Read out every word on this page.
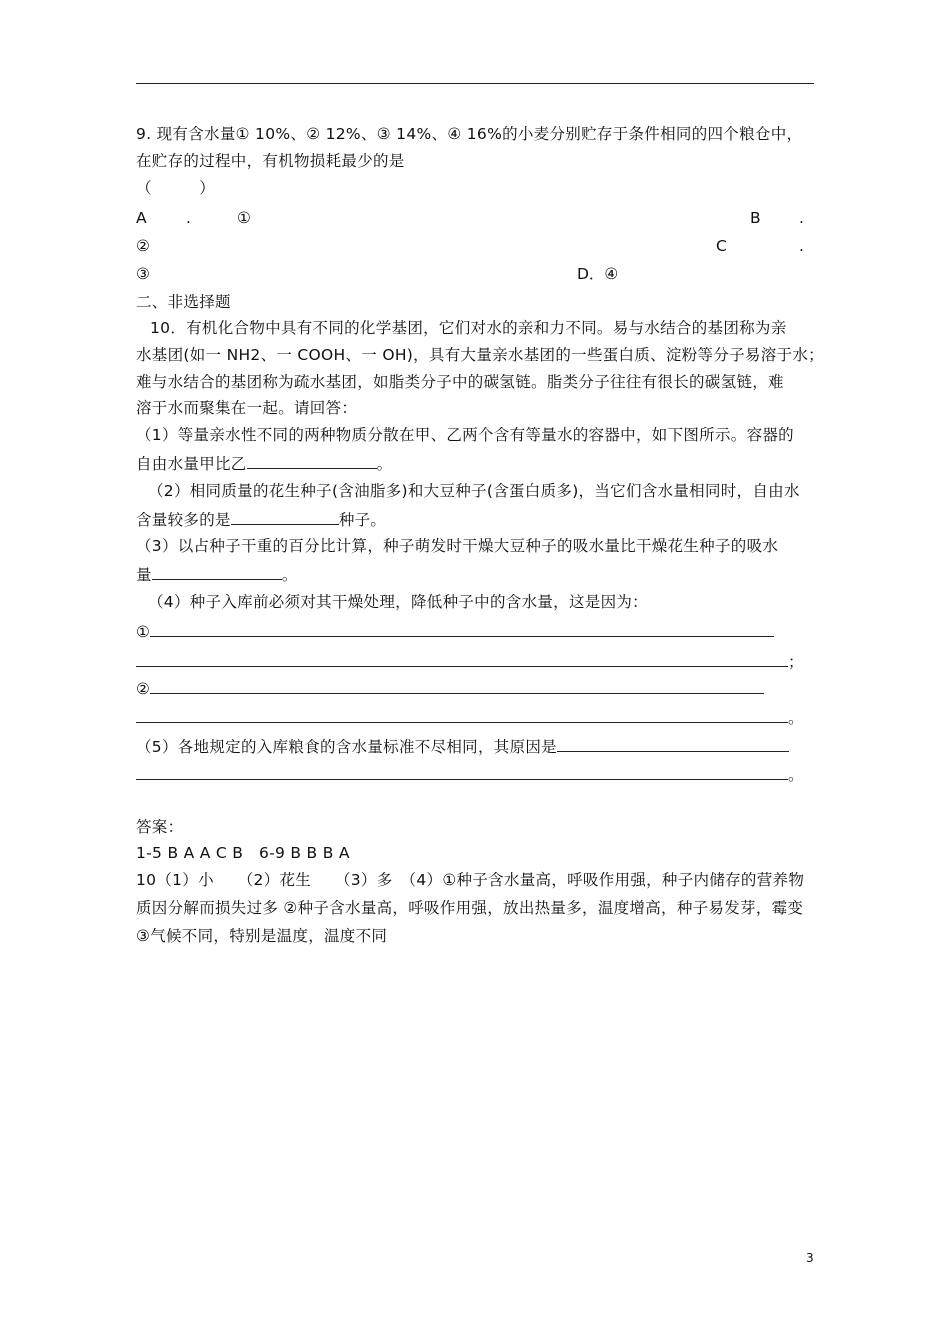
9. 现有含水量① 10%、② 12%、③ 14%、④ 16%的小麦分别贮存于条件相同的四个粮仓中，
在贮存的过程中，有机物损耗最少的是
（　　　）
A	.	①	B .
②	C	.
③	D．④
二、非选择题
10．有机化合物中具有不同的化学基团，它们对水的亲和力不同。易与水结合的基团称为亲
水基团(如一 NH2、一 COOH、一 OH)，具有大量亲水基团的一些蛋白质、淀粉等分子易溶于水；
难与水结合的基团称为疏水基团，如脂类分子中的碳氢链。脂类分子往往有很长的碳氢链，难
溶于水而聚集在一起。请回答：
（1）等量亲水性不同的两种物质分散在甲、乙两个含有等量水的容器中，如下图所示。容器的
自由水量甲比乙	。
（2）相同质量的花生种子(含油脂多)和大豆种子(含蛋白质多)，当它们含水量相同时，自由水
含量较多的是	种子。
（3）以占种子干重的百分比计算，种子萌发时干燥大豆种子的吸水量比干燥花生种子的吸水
量	。
（4）种子入库前必须对其干燥处理，降低种子中的含水量，这是因为：
①
；
②
。
（5）各地规定的入库粮食的含水量标准不尽相同，其原因是
。
答案：
1-5 B A A C B　6-9 B B B A
10（1）小　　（2）花生　　（3）多　（4）①种子含水量高，呼吸作用强，种子内储存的营养物
质因分解而损失过多 ②种子含水量高，呼吸作用强，放出热量多，温度增高，种子易发芽，霉变
③气候不同，特别是温度，温度不同
3
